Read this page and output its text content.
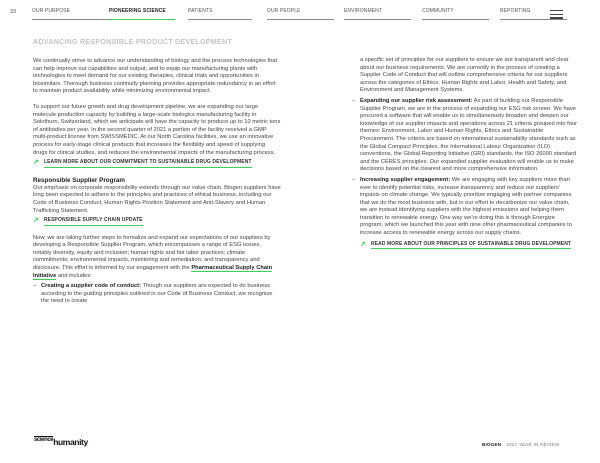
33	OUR PURPOSE	PIONEERING SCIENCE	PATIENTS	OUR PEOPLE	ENVIRONMENT	COMMUNITY	REPORTING
ADVANCING RESPONSIBLE PRODUCT DEVELOPMENT

We continually strive to advance our understanding of biology and the process technologies that can help improve our capabilities and output, and to equip our manufacturing plants with technologies to meet demand for our existing therapies, clinical trials and opportunities in biosimilars. Thorough business continuity planning provides appropriate redundancy in an effort to maintain product availability while minimizing environmental impact.

To support our future growth and drug development pipeline, we are expanding our large molecule production capacity by building a large-scale biologics manufacturing facility in Solothurn, Switzerland, which we anticipate will have the capacity to produce up to 10 metric tons of antibodies per year. In the second quarter of 2021 a portion of the facility received a GMP multi-product license from SWISSMEDIC. At our North Carolina facilities, we use an innovative process for early-stage clinical products that increases the flexibility and speed of supplying drugs for clinical studies, and reduces the environmental impacts of the manufacturing process.

↗ LEARN MORE ABOUT OUR COMMITMENT TO SUSTAINABLE DRUG DEVELOPMENT
Responsible Supplier Program

Our emphasis on corporate responsibility extends through our value chain. Biogen suppliers have long been expected to adhere to the principles and practices of ethical business, including our Code of Business Conduct, Human Rights Position Statement and Anti-Slavery and Human Trafficking Statement.

↗ RESPONSIBLE SUPPLY CHAIN UPDATE

Now, we are taking further steps to formalize and expand our expectations of our suppliers by developing a Responsible Supplier Program, which encompasses a range of ESG issues, notably diversity, equity and inclusion; human rights and fair labor practices; climate commitments; environmental impacts, monitoring and remediation; and transparency and disclosure. This effort is informed by our engagement with the Pharmaceutical Supply Chain Initiative and includes:

– Creating a supplier code of conduct: Though our suppliers are expected to do business according to the guiding principles outlined in our Code of Business Conduct, we recognize the need to create

a specific set of principles for our suppliers to ensure we are transparent and clear about our business requirements. We are currently in the process of creating a Supplier Code of Conduct that will outline comprehensive criteria for our suppliers across the categories of Ethics, Human Rights and Labor, Health and Safety, and Environment and Management Systems.

– Expanding our supplier risk assessment: As part of building our Responsible Supplier Program, we are in the process of expanding our ESG risk screen. We have procured a software that will enable us to simultaneously broaden and deepen our knowledge of our supplier impacts and operations across 21 criteria grouped into four themes: Environment, Labor and Human Rights, Ethics and Sustainable Procurement. The criteria are based on international sustainability standards such as the Global Compact Principles, the International Labour Organization (ILO) conventions, the Global Reporting Initiative (GRI) standards, the ISO 26000 standard and the CERES principles. Our expanded supplier evaluation will enable us to make decisions based on the clearest and more comprehensive information.
– Increasing supplier engagement: We are engaging with key suppliers more than ever to identify potential risks, increase transparency and reduce our suppliers' impacts on climate change. We typically prioritize engaging with partner companies that we do the most business with, but in our effort to decarbonize our value chain, we are instead identifying suppliers with the highest emissions and helping them transition to renewable energy. One way we're doing this is through Energize program, which we launched this year with nine other pharmaceutical companies to increase access to renewable energy across our supply chains.
↗ READ MORE ABOUT OUR PRINCIPLES OF SUSTAINABLE DRUG DEVELOPMENT
$^{science}$humanity	BIOGEN 2021 YEAR IN REVIEW
